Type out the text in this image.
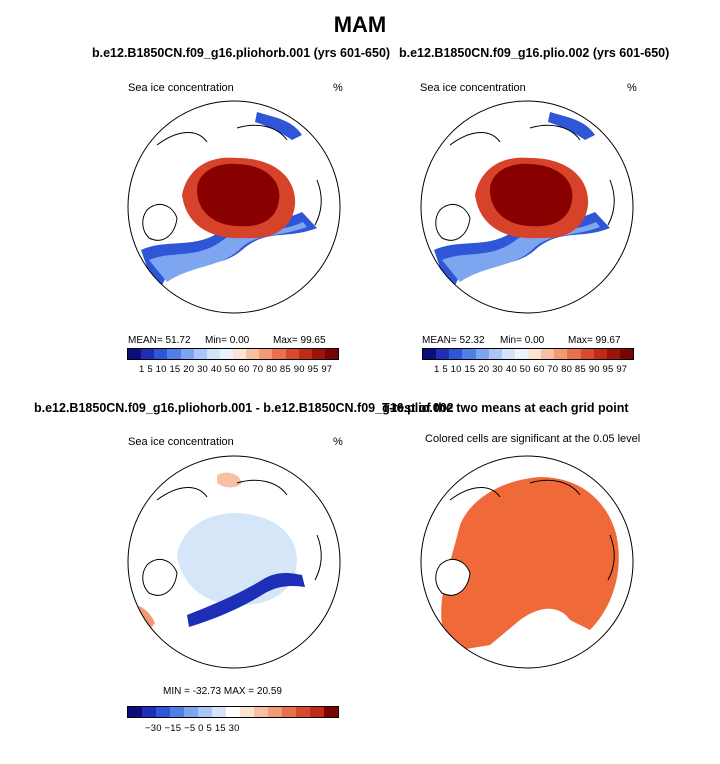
MAM
b.e12.B1850CN.f09_g16.pliohorb.001 (yrs 601-650)
Sea ice concentration	%
MEAN= 51.72 Min= 0.00 Max= 99.65
1 5 10 15 20 30 40 50 60 70 80 85 90 95 97
b.e12.B1850CN.f09_g16.plio.002 (yrs 601-650)
Sea ice concentration	%
MEAN= 52.32 Min= 0.00 Max= 99.67
1 5 10 15 20 30 40 50 60 70 80 85 90 95 97
b.e12.B1850CN.f09_g16.pliohorb.001 - b.e12.B1850CN.f09_g16.plio.002
Sea ice concentration	%
MIN = -32.73 MAX = 20.59
−30 −15 −5 0 5 15 30
T-test of the two means at each grid point
Colored cells are significant at the 0.05 level
